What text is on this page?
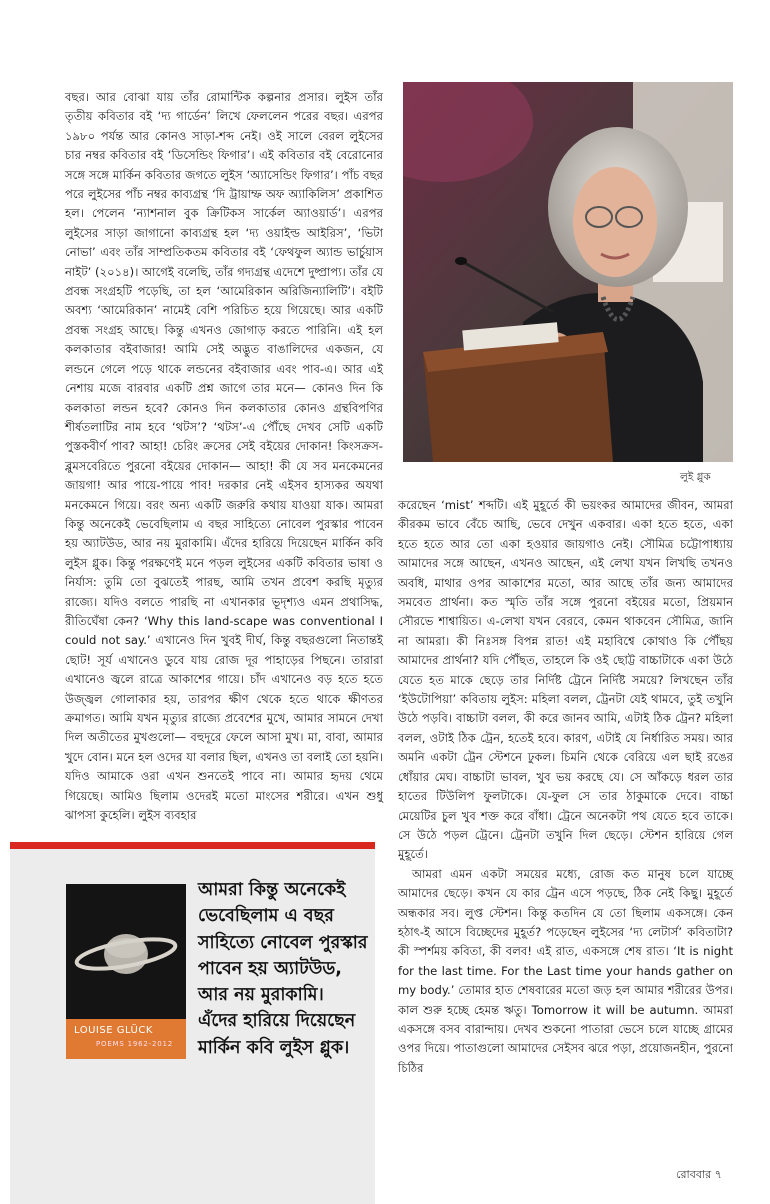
বছর। আর বোঝা যায় তাঁর রোমান্টিক কল্পনার প্রসার। লুইস তাঁর তৃতীয় কবিতার বই ‘দ্য গার্ডেন’ লিখে ফেললেন পরের বছর। এরপর ১৯৮০ পর্যন্ত আর কোনও সাড়া-শব্দ নেই। ওই সালে বেরল লুইসের চার নম্বর কবিতার বই ‘ডিসেন্ডিং ফিগার’। এই কবিতার বই বেরোনোর সঙ্গে সঙ্গে মার্কিন কবিতার জগতে লুইস ‘অ্যাসেন্ডিং ফিগার’। পাঁচ বছর পরে লুইসের পাঁচ নম্বর কাব্যগ্রন্থ ‘দি ট্রায়াম্ফ অফ অ্যাকিলিস’ প্রকাশিত হল। পেলেন ‘ন্যাশনাল বুক ক্রিটিকস সার্কেল অ্যাওয়ার্ড’। এরপর লুইসের সাড়া জাগানো কাব্যগ্রন্থ হল ‘দ্য ওয়াইল্ড আইরিস’, ‘ভিটা নোভা’ এবং তাঁর সাম্প্রতিকতম কবিতার বই ‘ফেথফুল অ্যান্ড ভার্চুয়াস নাইট’ (২০১৪)। আগেই বলেছি, তাঁর গদ্যগ্রন্থ এদেশে দুষ্প্রাপ্য। তাঁর যে প্রবন্ধ সংগ্রহটি পড়েছি, তা হল ‘আমেরিকান অরিজিন্যালিটি’। বইটি অবশ্য ‘আমেরিকান’ নামেই বেশি পরিচিত হয়ে গিয়েছে। আর একটি প্রবন্ধ সংগ্রহ আছে। কিন্তু এখনও জোগাড় করতে পারিনি। এই হল কলকাতার বইবাজার! আমি সেই অদ্ভুত বাঙালিদের একজন, যে লন্ডনে গেলে পড়ে থাকে লন্ডনের বইবাজার এবং পাব-এ। আর এই নেশায় মজে বারবার একটি প্রশ্ন জাগে তার মনে— কোনও দিন কি কলকাতা লন্ডন হবে? কোনও দিন কলকাতার কোনও গ্রন্থবিপণির শীর্ষতলাটির নাম হবে ‘থটস’? ‘থটস’-এ পৌঁছে দেখব সেটি একটি পুস্তকবীর্ণ পাব? আহা! চেরিং ক্রসের সেই বইয়ের দোকান! কিংসক্রস-ব্লুমসবেরিতে পুরনো বইয়ের দোকান— আহা! কী যে সব মনকেমনের জায়গা! আর পায়ে-পায়ে পাব! দরকার নেই এইসব হাস্যকর অযথা মনকেমনে গিয়ে। বরং অন্য একটি জরুরি কথায় যাওয়া যাক। আমরা কিন্তু অনেকেই ভেবেছিলাম এ বছর সাহিত্যে নোবেল পুরস্কার পাবেন হয় অ্যাটউড, আর নয় মুরাকামি। এঁদের হারিয়ে দিয়েছেন মার্কিন কবি লুইস গ্লুক। কিন্তু পরক্ষণেই মনে পড়ল লুইসের একটি কবিতার ভাষা ও নির্যাস: তুমি তো বুঝতেই পারছ, আমি তখন প্রবেশ করছি মৃত্যুর রাজ্যে। যদিও বলতে পারছি না এখানকার ভূদৃশ্যও এমন প্রথাসিদ্ধ, রীতিঘেঁষা কেন? ‘Why this land-scape was conventional I could not say.’ এখানেও দিন খুবই দীর্ঘ, কিন্তু বছরগুলো নিতান্তই ছোট! সূর্য এখানেও ডুবে যায় রোজ দূর পাহাড়ের পিছনে। তারারা এখানেও জ্বলে রাত্রে আকাশের গায়ে। চাঁদ এখানেও বড় হতে হতে উজ্জ্বল গোলাকার হয়, তারপর ক্ষীণ থেকে হতে থাকে ক্ষীণতর ক্রমাগত। আমি যখন মৃত্যুর রাজ্যে প্রবেশের মুখে, আমার সামনে দেখা দিল অতীতের মুখগুলো— বহুদূরে ফেলে আসা মুখ। মা, বাবা, আমার খুদে বোন। মনে হল ওদের যা বলার ছিল, এখনও তা বলাই তো হয়নি। যদিও আমাকে ওরা এখন শুনতেই পাবে না। আমার হৃদয় থেমে গিয়েছে। আমিও ছিলাম ওদেরই মতো মাংসের শরীরে। এখন শুধু ঝাপসা কুহেলি। লুইস ব্যবহার

লুই গ্লুক

করেছেন ‘mist’ শব্দটি। এই মুহূর্তে কী ভয়ংকর আমাদের জীবন, আমরা কীরকম ভাবে বেঁচে আছি, ভেবে দেখুন একবার। একা হতে হতে, একা হতে হতে আর তো একা হওয়ার জায়গাও নেই। সৌমিত্র চট্টোপাধ্যায় আমাদের সঙ্গে আছেন, এখনও আছেন, এই লেখা যখন লিখছি তখনও অবধি, মাথার ওপর আকাশের মতো, আর আছে তাঁর জন্য আমাদের সমবেত প্রার্থনা। কত স্মৃতি তাঁর সঙ্গে পুরনো বইয়ের মতো, প্রিয়মান সৌরভে শাশ্বায়িত। এ-লেখা যখন বেরবে, কেমন থাকবেন সৌমিত্র, জানি না আমরা। কী নিঃসঙ্গ বিপন্ন রাত! এই মহাবিশ্বে কোথাও কি পৌঁছয় আমাদের প্রার্থনা? যদি পৌঁছত, তাহলে কি ওই ছোট্ট বাচ্চাটাকে একা উঠে যেতে হত মাকে ছেড়ে তার নির্দিষ্ট ট্রেনে নির্দিষ্ট সময়ে? লিখছেন তাঁর ‘ইউটোপিয়া’ কবিতায় লুইস: মহিলা বলল, ট্রেনটা যেই থামবে, তুই তখুনি উঠে পড়বি। বাচ্চাটা বলল, কী করে জানব আমি, এটাই ঠিক ট্রেন? মহিলা বলল, ওটাই ঠিক ট্রেন, হতেই হবে। কারণ, এটাই যে নির্ধারিত সময়। আর অমনি একটা ট্রেন স্টেশনে ঢুকল। চিমনি থেকে বেরিয়ে এল ছাই রঙের ধোঁয়ার মেঘ। বাচ্চাটা ভাবল, খুব ভয় করছে যে। সে আঁকড়ে ধরল তার হাতের টিউলিপ ফুলটাকে। যে-ফুল সে তার ঠাকুমাকে দেবে। বাচ্চা মেয়েটির চুল খুব শক্ত করে বাঁধা। ট্রেনে অনেকটা পথ যেতে হবে তাকে। সে উঠে পড়ল ট্রেনে। ট্রেনটা তখুনি দিল ছেড়ে। স্টেশন হারিয়ে গেল মুহূর্তে।

আমরা এমন একটা সময়ের মধ্যে, রোজ কত মানুষ চলে যাচ্ছে আমাদের ছেড়ে। কখন যে কার ট্রেন এসে পড়ছে, ঠিক নেই কিছু। মুহূর্তে অন্ধকার সব। লুপ্ত স্টেশন। কিন্তু কতদিন যে তো ছিলাম একসঙ্গে। কেন হঠাৎ-ই আসে বিচ্ছেদের মুহূর্ত? পড়েছেন লুইসের ‘দ্য লেটার্স’ কবিতাটা? কী স্পর্শময় কবিতা, কী বলব! এই রাত, একসঙ্গে শেষ রাত। ‘It is night for the last time. For the Last time your hands gather on my body.’ তোমার হাত শেষবারের মতো জড় হল আমার শরীরের উপর। কাল শুরু হচ্ছে হেমন্ত ঋতু। Tomorrow it will be autumn. আমরা একসঙ্গে বসব বারান্দায়। দেখব শুকনো পাতারা ভেসে চলে যাচ্ছে গ্রামের ওপর দিয়ে। পাতাগুলো আমাদের সেইসব ঝরে পড়া, প্রয়োজনহীন, পুরনো চিঠির

LOUISE GLÜCK
POEMS 1962-2012
আমরা কিন্তু অনেকেই ভেবেছিলাম এ বছর সাহিত্যে নোবেল পুরস্কার পাবেন হয় অ্যাটউড, আর নয় মুরাকামি। এঁদের হারিয়ে দিয়েছেন মার্কিন কবি লুইস গ্লুক।
রোববার ৭
